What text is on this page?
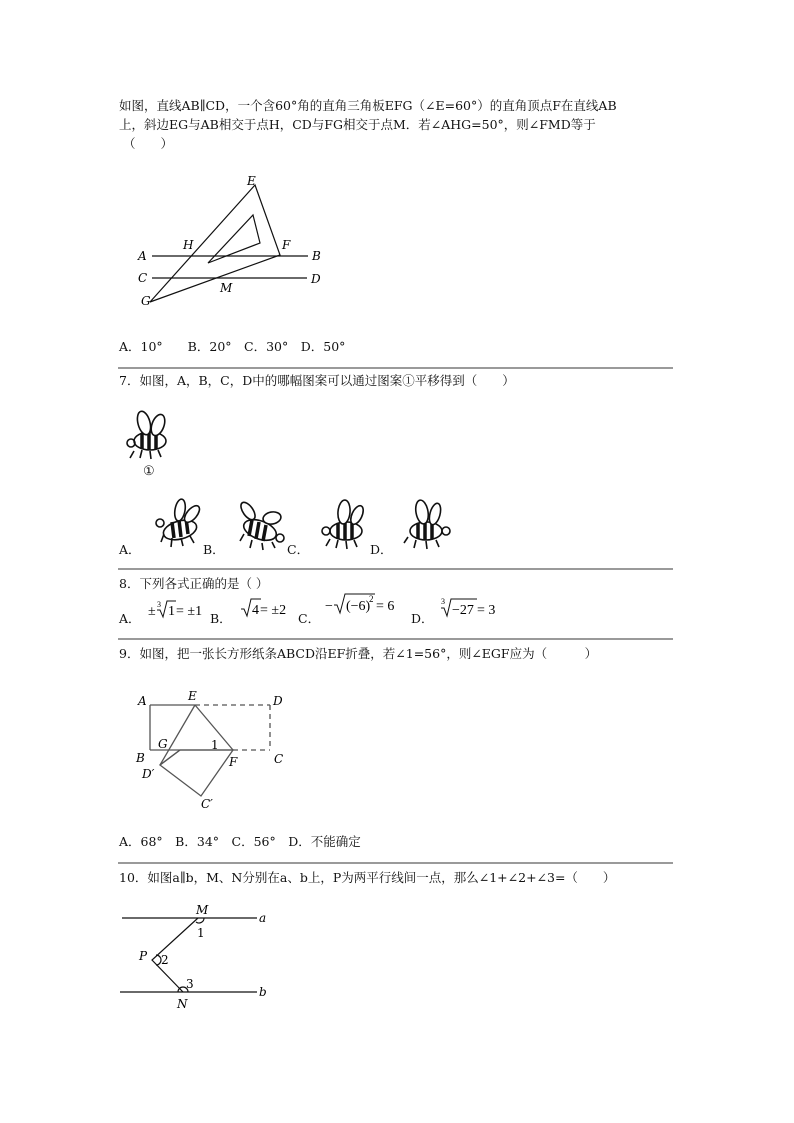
如图，直线AB∥CD，一个含60°角的直角三角板EFG（∠E=60°）的直角顶点F在直线AB
上，斜边EG与AB相交于点H，CD与FG相交于点M．若∠AHG=50°，则∠FMD等于
（　　）
E
H	F
A	B
C	D
M
G
A．10°　　B．20°　C．30°　D．50°
7．如图，A，B，C，D中的哪幅图案可以通过图案①平移得到（　　）
①
A．	B．	C．	D．
8．下列各式正确的是（ ）
A． ± 3 1 = ±1 B．
4 = ±2
C．
− (−6)
2 = 6
D．
3
−27 = 3
9．如图，把一张长方形纸条ABCD沿EF折叠，若∠1=56°，则∠EGF应为（　　　）
A	E	D
B
G	1
F	C
D′
C′
A．68°　B．34°　C．56°　D．不能确定
10．如图a∥b，M、N分别在a、b上，P为两平行线间一点，那么∠1+∠2+∠3=（　　）
M
a
1
P 2
3
b
N
